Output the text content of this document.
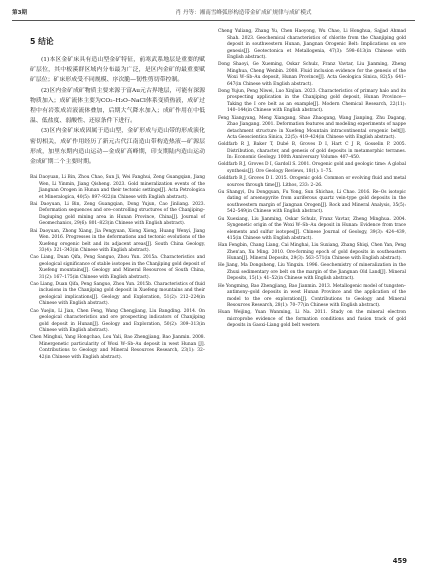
第3期	肖 丹等：湘南雪峰弧形构造带金矿成矿规律与成矿模式
5 结论

(1)本区金矿床具有造山型金矿特征，前寒武系地层是重要的赋矿层位，其中板溪群区域内分布最为广泛，是区内金矿的最重要赋矿层位；矿床形成受不同规模、序次脆—韧性剪切带控制。

(2)区内金矿成矿物质主要来源于富Au元古界地层，可能有深源物质加入；成矿流体主要为CO₂–H₂O–NaCl体系变质热液，成矿过程中有岩浆成岩液流体叠加，后期大气降水加入；成矿作用在中低温、低盐度、弱酸性、还原条件下进行。

(3)区内金矿床成因属于造山型，金矿形成与造山带的形成演化密切相关，成矿作用经历了新元古代江南造山带构造热液—矿源层形成，加里东期内造山运动—金成矿高峰期，印支期陆内造山运动金成矿期二个主要时期。

Bai Daoyuan, Li Bin, Zhou Chao, Sun Ji, Wei Fanghui, Zeng Guangqian, Jiang Wen, Li Yinmin, Jiang Qisheng. 2023. Gold mineralization events of the Jiangnan Orogen in Hunan and their tectonic settings[J]. Acta Petrologica et Mineralogica, 40(5): 897–922(in Chinese with English abstract).

Bai Daoyuan, Li Bin, Zeng Guangqian, Dong Yujun, Cao Jinliang. 2023. Deformation sequences and ore–controlling structures of the Chanjiping–Dagiuping gold mining area in Hunan Province, China[J]. Journal of Geomechanics, 29(6): 801–823(in Chinese with English abstract).

Bai Daoyuan, Zhong Xiang, Jia Pengyuan, Xiong Xiong, Huang Wenyi, Jiang Wen. 2016. Progresses in the deformations and tectonic evolutions of the Xuefeng orogenic belt and its adjacent areas[J]. South China Geology, 33(4): 321–343(in Chinese with English abstract).

Cao Liang, Duan Qifa, Peng Sanguo, Zhou Yun. 2015a. Characteristics and geological significance of stable isotopes in the Chanjiping gold deposit of Xuefeng mountains[J]. Geology and Mineral Resources of South China, 31(2): 167–175(in Chinese with English abstract).

Cao Liang, Duan Qifa, Peng Sanguo, Zhou Yun. 2015b. Characteristics of fluid inclusions in the Chanjiping gold deposit in Xuefeng mountains and their geological implications[J]. Geology and Exploration, 51(2): 212–224(in Chinese with English abstract).

Cao Yuejin, Li Jian, Chen Feng, Wang Chengjiang, Liu Bangding. 2014. On geological characteristics and ore prospecting indicators of Chanjiping gold deposit in Hunan[J]. Geology and Exploration, 50(2): 309–313(in Chinese with English abstract).

Chen Minghui, Yang Hongchao, Lou Yali, Bao Zhengjiang, Bao Jianmin. 2008. Minergenetic particularity of Woxi W–Sb–Au deposit in west Hunan [J]. Contributions to Geology and Mineral Resources Research, 23(1): 32–42(in Chinese with English abstract).

Cheng Yuliang, Zhang Yu, Chen Haoyong, Wu Chao, Li Honghua, Sajjad Ahmad Shah. 2023. Geochemical characteristics of chlorite from the Chanjiping gold deposit in southwestern Hunan, Jiangnan Orogenic Belt: Implications on ore genesis[J]. Geotectonica et Metallogenia, 47(3): 598–613(in Chinese with English abstract).

Dong Shaoyi, Ge Xueming, Oskar Schulz, Franz Vavtar, Liu Jianming, Zheng Minghua, Cheng Wenbin. 2008. Fluid inclusion evidence for the genesis of the Woxi W–Sb–Au deposit, Hunan Province[J]. Acta Geologica Sinica, 82(5): 641–647(in Chinese with English abstract).

Dong Yujun, Peng Niwei, Luo Xinjian. 2023. Characteristics of primary halo and its prospecting application in the Chanjiping gold deposit, Hunan Province—Taking the I ore belt as an example[J]. Modern Chemical Research, 22(11): 140–144(in Chinese with English abstract).

Feng Xiangyang, Meng Xiangang, Shao Zhaogang, Wang Jianping, Zhu Dagang, Zhao Jiangang. 2001. Deformation features and modeling experiments of nappe detachment structure in Xuefeng Mountain intracontinental orogenic belt[J]. Acta Geoscientica Sinica, 22(5): 419–424(in Chinese with English abstract).

Goldfarb R J, Baker T, Dubé B, Groves D I, Hart C J R, Gosselin P. 2005. Distribution, character, and genesis of gold deposits in metamorphic terranes. In: Economic Geology. 100th Anniversary Volume: 407–450.

Goldfarb R J, Groves D I, Gardoll S. 2001. Orogenic gold and geologic time: A global synthesis[J]. Ore Geology Reviews, 18(1): 1–75.

Goldfarb R J, Groves D I. 2015. Orogenic gold: Common or evolving fluid and metal sources through time[J]. Lithos, 233: 2–26.

Gu Shangyi, Du Dongquan, Fu Yong, Sun Shichao, Li Chao. 2016. Re–Os isotopic dating of arsenopyrite from auriferous quartz vein-type gold deposits in the southwestern margin of Jiangnan Orogen[J]. Rock and Mineral Analysis, 35(5): 542–549(in Chinese with English abstract).

Gu Xuexiang, Liu Jianming, Oskar Schulz, Franz Vavtar, Zheng Minghua. 2004. Syngenetic origin of the Woxi W–Sb–Au deposit in Hunan: Evidence from trace elements and sulfur isotopes[J]. Chinese Journal of Geology, 39(3): 424–439, 415(in Chinese with English abstract).

Han Fengbin, Chang Liang, Cai Minghai, Liu Suxiang, Zhang Shiqi, Chen Yan, Peng Zhen'an, Xu Ming. 2010. Ore-forming epoch of gold deposits in southeastern Hunan[J]. Mineral Deposits, 29(3): 563–571(in Chinese with English abstract).

He Jiang, Ma Dongsheng, Liu Yingxin. 1996. Geochemistry of mineralization in the Zhuxi sedimentary ore belt on the margin of the Jiangnan Old Land[J]. Mineral Deposits, 15(1): 41–52(in Chinese with English abstract).

He Yongming, Bao Zhengjiang, Bao Jianmin. 2013. Metallogenic model of tungsten–antimony–gold deposits in west Hunan Province and the application of the model to the ore exploration[J]. Contributions to Geology and Mineral Resources Research, 28(1): 70–77(in Chinese with English abstract).

Huan Weijing, Yuan Wanming, Li Na. 2011. Study on the mineral electron microprobe evidence of the formation conditions and fusion track of gold deposits in Gaoxi-Liang gold belt western

459
